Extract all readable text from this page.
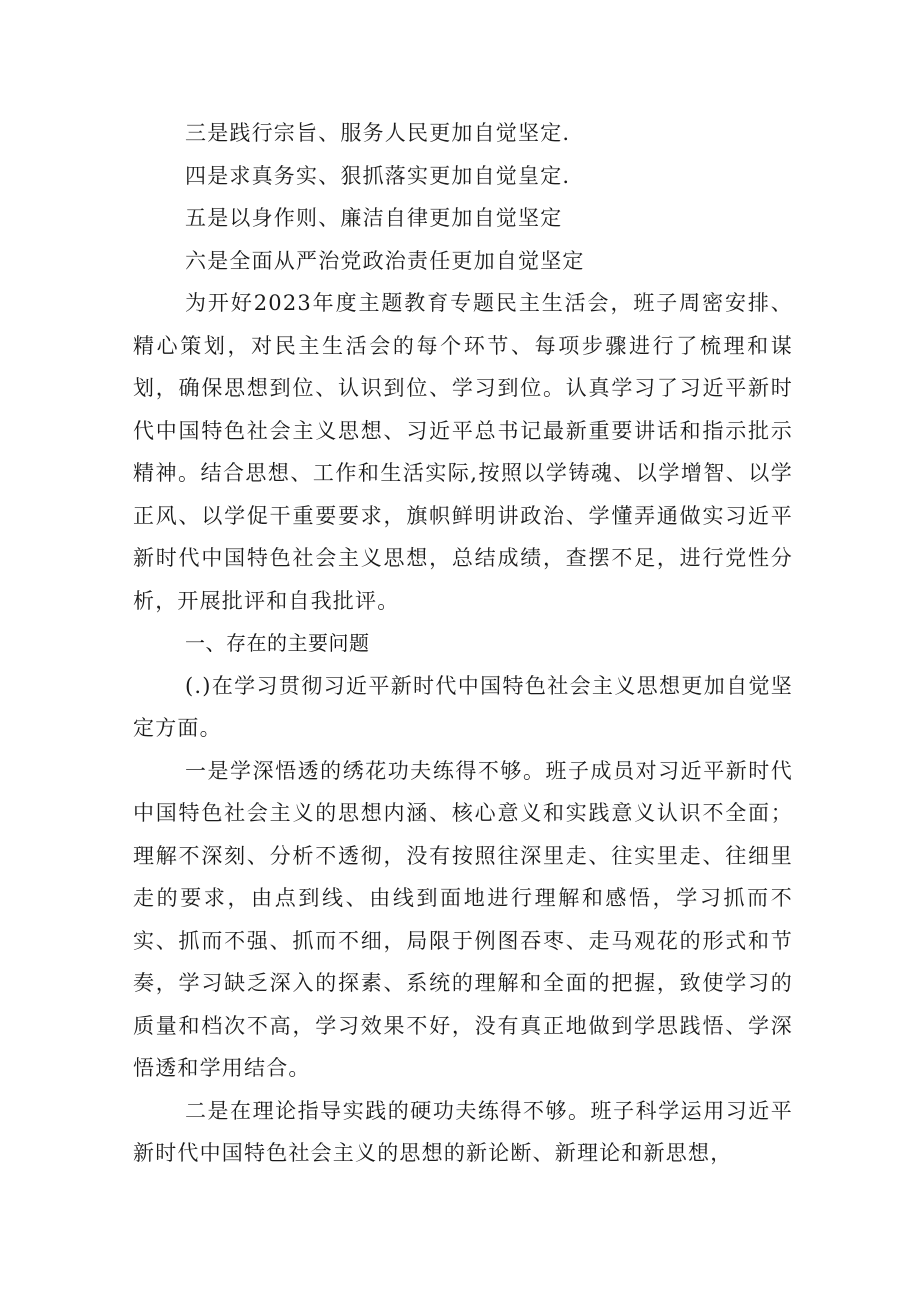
三是践行宗旨、服务人民更加自觉坚定.

四是求真务实、狠抓落实更加自觉皇定.

五是以身作则、廉洁自律更加自觉坚定

六是全面从严治党政治责任更加自觉坚定

为开好2023年度主题教育专题民主生活会，班子周密安排、精心策划，对民主生活会的每个环节、每项步骤进行了梳理和谋划，确保思想到位、认识到位、学习到位。认真学习了习近平新时代中国特色社会主义思想、习近平总书记最新重要讲话和指示批示精神。结合思想、工作和生活实际,按照以学铸魂、以学增智、以学正风、以学促干重要要求，旗帜鲜明讲政治、学懂弄通做实习近平新时代中国特色社会主义思想，总结成绩，查摆不足，进行党性分析，开展批评和自我批评。

一、存在的主要问题

(.)在学习贯彻习近平新时代中国特色社会主义思想更加自觉坚定方面。

一是学深悟透的绣花功夫练得不够。班子成员对习近平新时代中国特色社会主义的思想内涵、核心意义和实践意义认识不全面；理解不深刻、分析不透彻，没有按照往深里走、往实里走、往细里走的要求，由点到线、由线到面地进行理解和感悟，学习抓而不实、抓而不强、抓而不细，局限于例图吞枣、走马观花的形式和节奏，学习缺乏深入的探素、系统的理解和全面的把握，致使学习的质量和档次不高，学习效果不好，没有真正地做到学思践悟、学深悟透和学用结合。

二是在理论指导实践的硬功夫练得不够。班子科学运用习近平新时代中国特色社会主义的思想的新论断、新理论和新思想，
